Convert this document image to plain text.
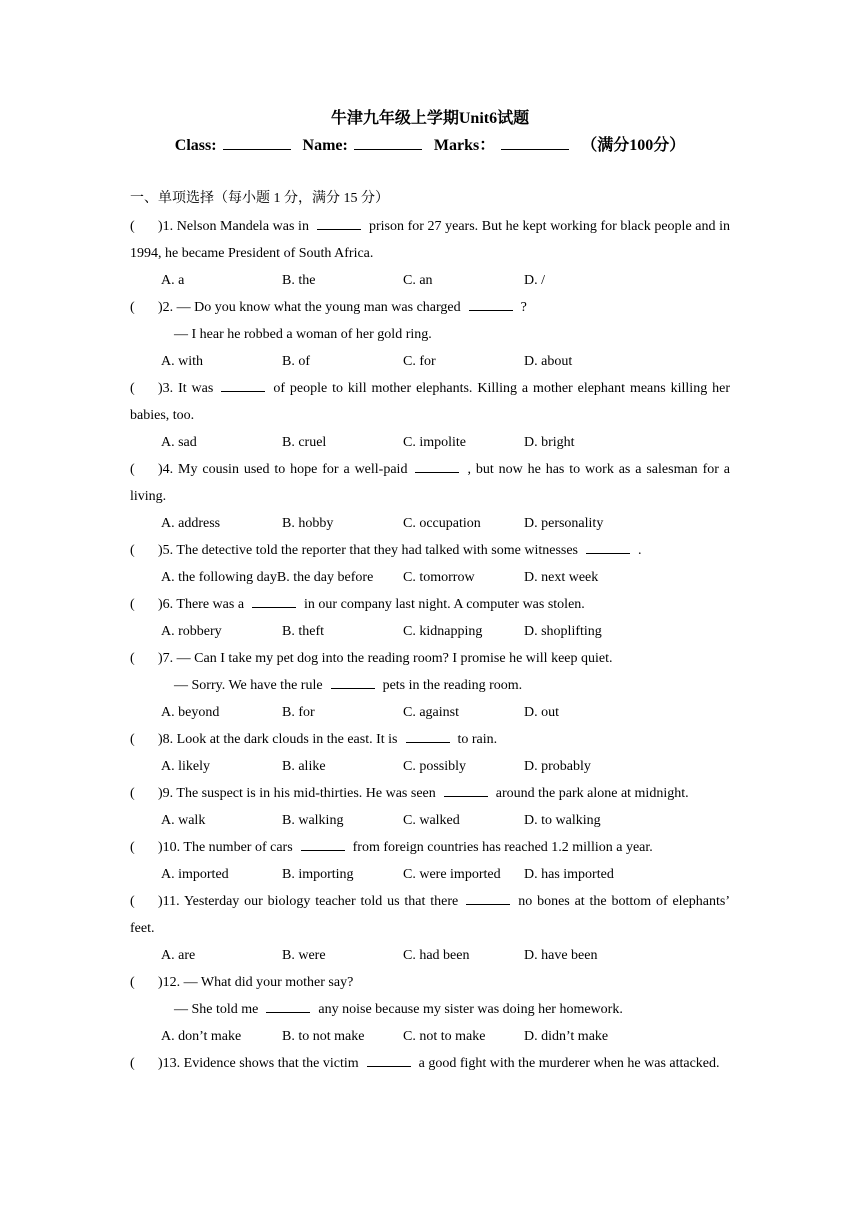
牛津九年级上学期Unit6试题
Class:	Name:	Marks：	（满分100分）
一、单项选择（每小题 1 分，满分 15 分）
( )1. Nelson Mandela was in	prison for 27 years. But he kept working for black people and in 1994, he became President of South Africa.
A. a	B. the	C. an	D. /
( )2. — Do you know what the young man was charged	?
— I hear he robbed a woman of her gold ring.
A. with	B. of	C. for	D. about
( )3. It was	of people to kill mother elephants. Killing a mother elephant means killing her babies, too.
A. sad	B. cruel	C. impolite	D. bright
( )4. My cousin used to hope for a well-paid	, but now he has to work as a salesman for a living.
A. address	B. hobby	C. occupation	D. personality
( )5. The detective told the reporter that they had talked with some witnesses	.
A. the following dayB. the day before	C. tomorrow	D. next week
( )6. There was a	in our company last night. A computer was stolen.
A. robbery	B. theft	C. kidnapping	D. shoplifting
( )7. — Can I take my pet dog into the reading room? I promise he will keep quiet.
— Sorry. We have the rule	pets in the reading room.
A. beyond	B. for	C. against	D. out
( )8. Look at the dark clouds in the east. It is	to rain.
A. likely	B. alike	C. possibly	D. probably
( )9. The suspect is in his mid-thirties. He was seen	around the park alone at midnight.
A. walk	B. walking	C. walked	D. to walking
( )10. The number of cars	from foreign countries has reached 1.2 million a year.
A. imported	B. importing	C. were imported	D. has imported
( )11. Yesterday our biology teacher told us that there	no bones at the bottom of elephants’ feet.
A. are	B. were	C. had been	D. have been
( )12. — What did your mother say?
— She told me	any noise because my sister was doing her homework.
A. don’t make	B. to not make	C. not to make	D. didn’t make
( )13. Evidence shows that the victim	a good fight with the murderer when he was attacked.
